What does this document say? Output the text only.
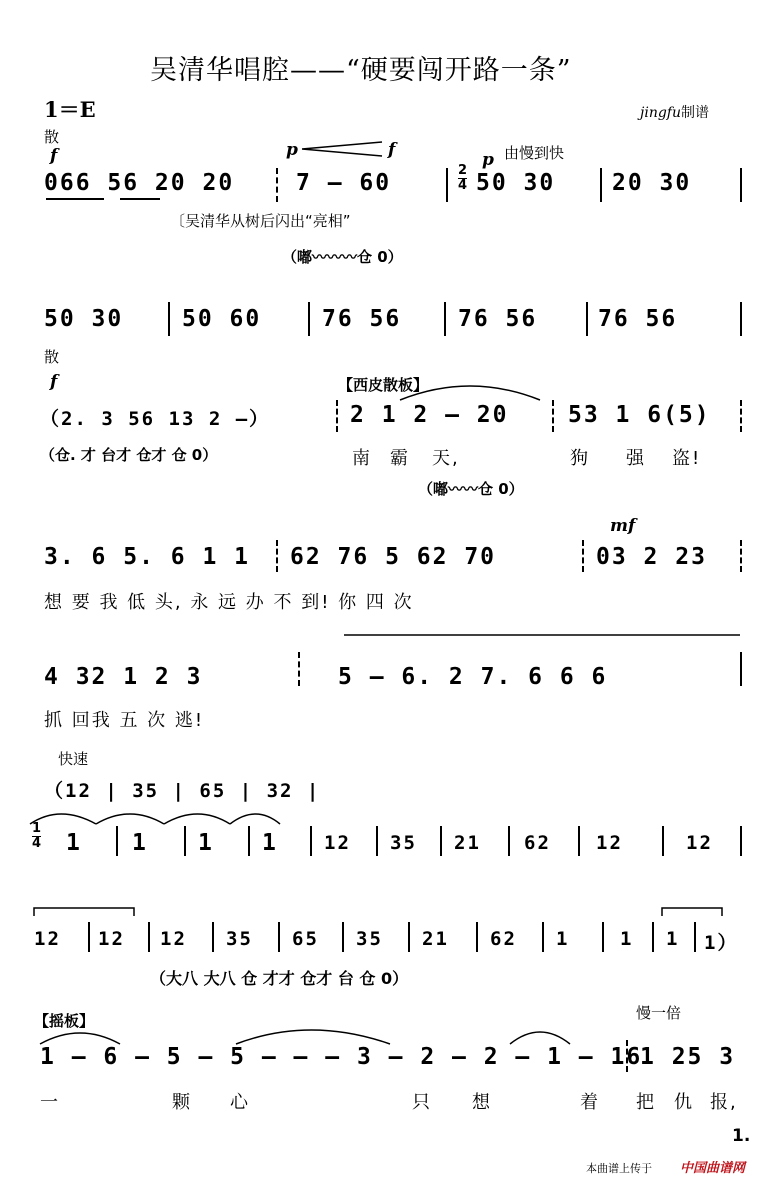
吴清华唱腔——“硬要闯开路一条”
1＝E	jingfu制谱
散
f	p	f	p 由慢到快
066 56 20 20	7 — 60	2
4 50 30 20 30
〔吴清华从树后闪出“亮相”
（嘟〰〰〰仓 0）
50 30	50 60	76 56 76 56	76 56
散
f	【西皮散板】
（2. 3 56 13 2 —）	2 1 2 — 20	53 1 6(5)
（仓. 才 台才 仓才 仓 0）	南 霸 天,	狗 强 盗!
（嘟〰〰仓 0）
mf
3. 6 5. 6 1 1 62 76 5 62 70	03 2 23
想 要 我 低 头, 永 远 办 不 到! 你 四 次
4 32 1 2 3	5 — 6. 2 7. 6 6 6
抓 回我 五 次 逃!
快速
（12 | 35 | 65 | 32 |
1
4 1 1 1 1 12 35 21 62 12	12
12 12 12 35 65 35 21 62 1	1 1 1）
（大八 大八 仓 才才 仓才 台 仓 0）
【摇板】	慢一倍
1 — 6 — 5 — 5 — — — 3 — 2 — 2 — 1 — 16
1 25 3
一	颗 心	只 想	着 把 仇 报,
1.
本曲谱上传于 中国曲谱网
